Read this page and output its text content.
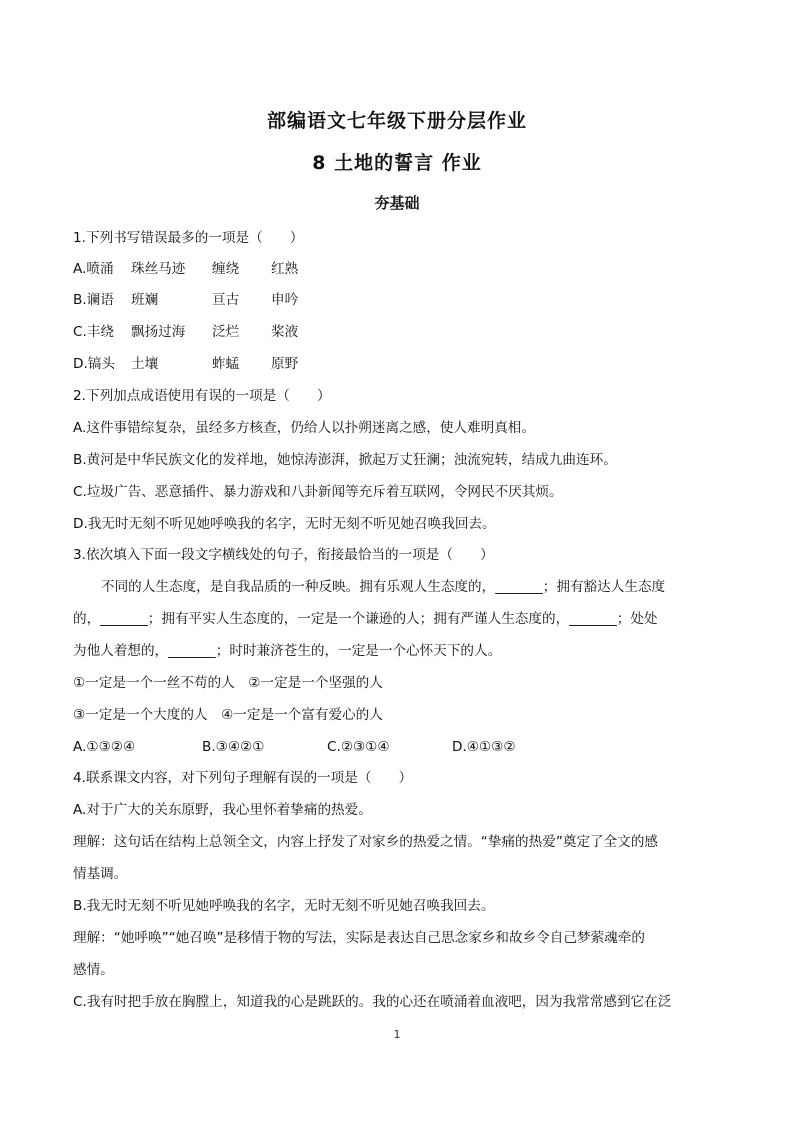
部编语文七年级下册分层作业
8 土地的誓言 作业
夯基础
1.下列书写错误最多的一项是（　　）
A.喷涌 珠丝马迹 缠绕 红熟
B.谰语 班斓	亘古 申吟
C.丰绕 飘扬过海 泛烂 桨液
D.镐头 土壤	蚱蜢 原野
2.下列加点成语使用有误的一项是（　　）
A.这件事错综复杂，虽经多方核查，仍给人以扑朔迷离之感，使人难明真相。
B.黄河是中华民族文化的发祥地，她惊涛澎湃，掀起万丈狂澜；浊流宛转，结成九曲连环。
C.垃圾广告、恶意插件、暴力游戏和八卦新闻等充斥着互联网，令网民不厌其烦。
D.我无时无刻不听见她呼唤我的名字，无时无刻不听见她召唤我回去。
3.依次填入下面一段文字横线处的句子，衔接最恰当的一项是（　　）
不同的人生态度，是自我品质的一种反映。拥有乐观人生态度的，_______；拥有豁达人生态度
的，_______；拥有平实人生态度的，一定是一个谦逊的人；拥有严谨人生态度的，_______；处处
为他人着想的，_______；时时兼济苍生的，一定是一个心怀天下的人。
①一定是一个一丝不苟的人　②一定是一个坚强的人
③一定是一个大度的人　④一定是一个富有爱心的人
A.①③②④	B.③④②①	C.②③①④	D.④①③②
4.联系课文内容，对下列句子理解有误的一项是（　　）
A.对于广大的关东原野，我心里怀着挚痛的热爱。
理解：这句话在结构上总领全文，内容上抒发了对家乡的热爱之情。“挚痛的热爱”奠定了全文的感
情基调。
B.我无时无刻不听见她呼唤我的名字，无时无刻不听见她召唤我回去。
理解：“她呼唤”“她召唤”是移情于物的写法，实际是表达自己思念家乡和故乡令自己梦萦魂牵的
感情。
C.我有时把手放在胸膛上，知道我的心是跳跃的。我的心还在喷涌着血液吧，因为我常常感到它在泛
1
